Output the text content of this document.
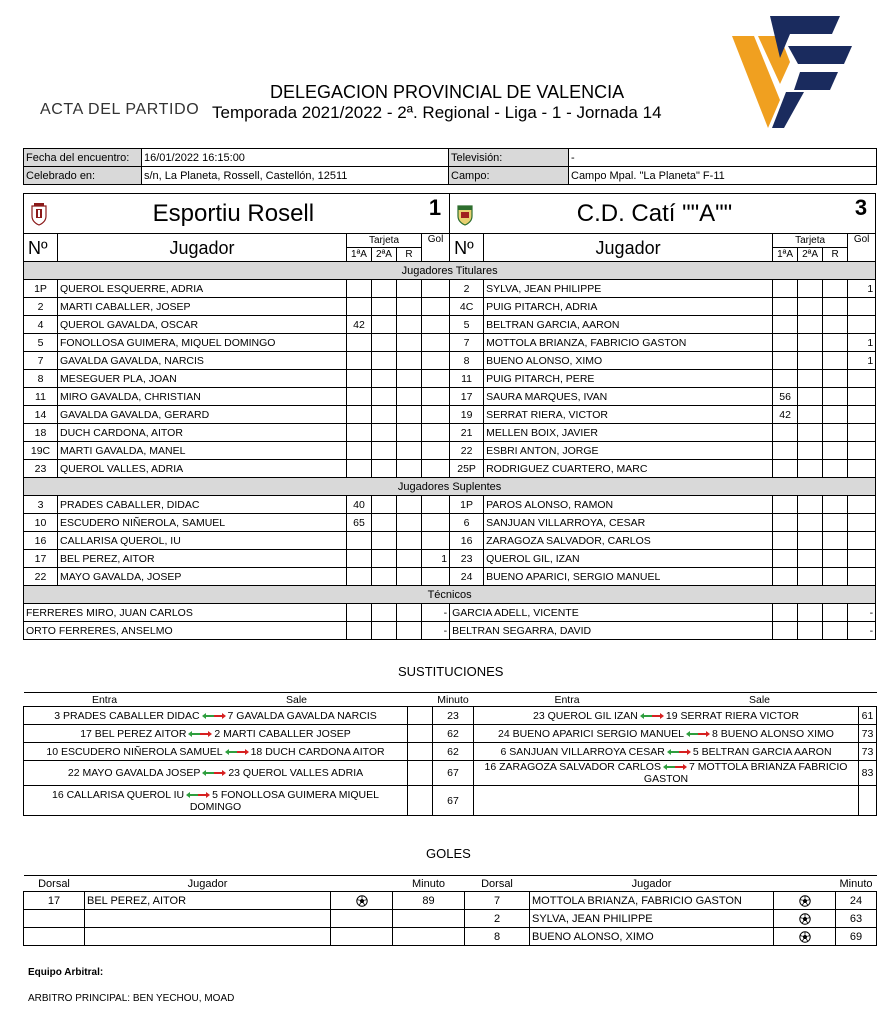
DELEGACION PROVINCIAL DE VALENCIA
ACTA DEL PARTIDO Temporada 2021/2022 - 2ª. Regional - Liga - 1 - Jornada 14
Fecha del encuentro:	16/01/2022 16:15:00	Televisión:	-
Celebrado en:	s/n, La Planeta, Rossell, Castellón, 12511	Campo:	Campo Mpal. "La Planeta" F-11
Esportiu Rosell 1						C.D. Catí ""A"" 3					

Nº	Jugador	Tarjeta			Gol	Nº	Jugador	Tarjeta			Gol
		1ªA	2ªA	R				1ªA	2ªA	R	
Jugadores Titulares											
1P	QUEROL ESQUERRE, ADRIA					2	SYLVA, JEAN PHILIPPE				1
2	MARTI CABALLER, JOSEP					4C	PUIG PITARCH, ADRIA				
4	QUEROL GAVALDA, OSCAR	42				5	BELTRAN GARCIA, AARON				
5	FONOLLOSA GUIMERA, MIQUEL DOMINGO					7	MOTTOLA BRIANZA, FABRICIO GASTON				1
7	GAVALDA GAVALDA, NARCIS					8	BUENO ALONSO, XIMO				1
8	MESEGUER PLA, JOAN					11	PUIG PITARCH, PERE				
11	MIRO GAVALDA, CHRISTIAN					17	SAURA MARQUES, IVAN	56			
14	GAVALDA GAVALDA, GERARD					19	SERRAT RIERA, VICTOR	42			
18	DUCH CARDONA, AITOR					21	MELLEN BOIX, JAVIER				
19C	MARTI GAVALDA, MANEL					22	ESBRI ANTON, JORGE				
23	QUEROL VALLES, ADRIA					25P	RODRIGUEZ CUARTERO, MARC				
Jugadores Suplentes											
3	PRADES CABALLER, DIDAC	40				1P	PAROS ALONSO, RAMON				
10	ESCUDERO NIÑEROLA, SAMUEL	65				6	SANJUAN VILLARROYA, CESAR				
16	CALLARISA QUEROL, IU					16	ZARAGOZA SALVADOR, CARLOS				
17	BEL PEREZ, AITOR				1	23	QUEROL GIL, IZAN				
22	MAYO GAVALDA, JOSEP					24	BUENO APARICI, SERGIO MANUEL				
Técnicos											
FERRERES MIRO, JUAN CARLOS					-	GARCIA ADELL, VICENTE					-
ORTO FERRERES, ANSELMO					-	BELTRAN SEGARRA, DAVID					-
SUSTITUCIONES
Entra	Sale		Minuto	Entra	Sale	
3 PRADES CABALLER DIDAC 7 GAVALDA GAVALDA NARCIS			23	23 QUEROL GIL IZAN 19 SERRAT RIERA VICTOR		61
17 BEL PEREZ AITOR 2 MARTI CABALLER JOSEP			62	24 BUENO APARICI SERGIO MANUEL 8 BUENO ALONSO XIMO		73
10 ESCUDERO NIÑEROLA SAMUEL 18 DUCH CARDONA AITOR			62	6 SANJUAN VILLARROYA CESAR 5 BELTRAN GARCIA AARON		73
22 MAYO GAVALDA JOSEP 23 QUEROL VALLES ADRIA			67	16 ZARAGOZA SALVADOR CARLOS 7 MOTTOLA BRIANZA FABRICIO GASTON		83
16 CALLARISA QUEROL IU 5 FONOLLOSA GUIMERA MIQUEL DOMINGO			67			
GOLES
Dorsal	Jugador		Minuto	Dorsal	Jugador		Minuto
17	BEL PEREZ, AITOR		89	7	MOTTOLA BRIANZA, FABRICIO GASTON		24
				2	SYLVA, JEAN PHILIPPE		63
				8	BUENO ALONSO, XIMO		69
Equipo Arbitral:
ARBITRO PRINCIPAL: BEN YECHOU, MOAD
